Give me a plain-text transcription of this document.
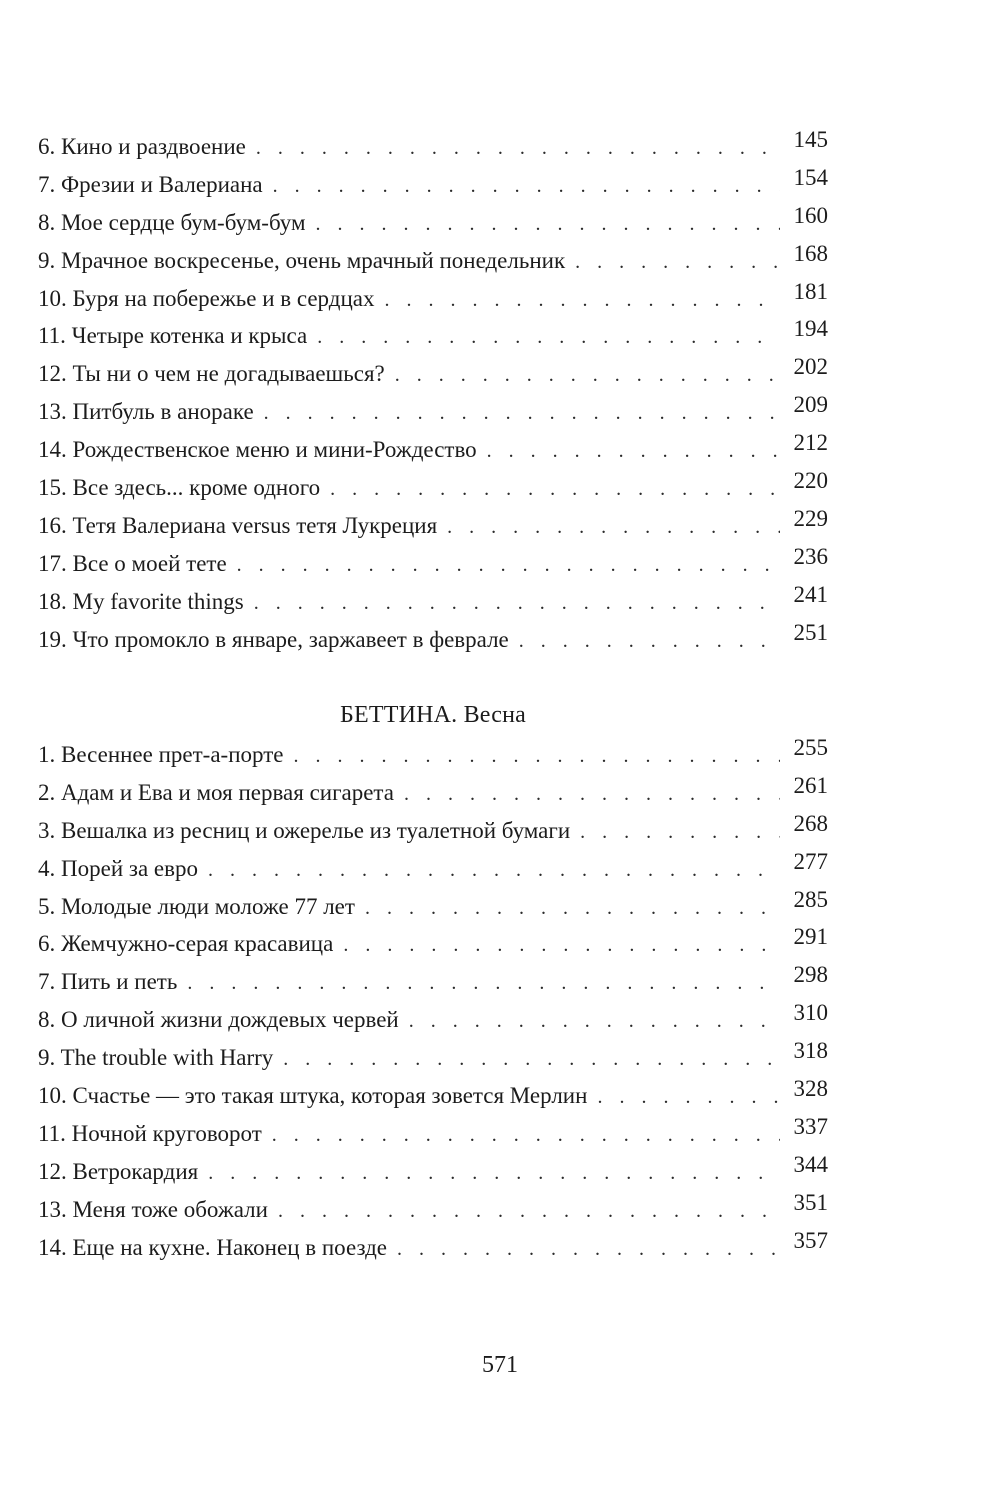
6. Кино и раздвоение . . .	145
7. Фрезии и Валериана . . .	154
8. Мое сердце бум-бум-бум . . .	160
9. Мрачное воскресенье, очень мрачный понедельник . . .	168
10. Буря на побережье и в сердцах . . .	181
11. Четыре котенка и крыса . . .	194
12. Ты ни о чем не догадываешься? . . .	202
13. Питбуль в анораке . . .	209
14. Рождественское меню и мини-Рождество . . .	212
15. Все здесь... кроме одного . . .	220
16. Тетя Валериана versus тетя Лукреция . . .	229
17. Все о моей тете . . .	236
18. My favorite things . . .	241
19. Что промокло в январе, заржавеет в феврале . . .	251
БЕТТИНА. Весна
1. Весеннее прет-а-порте . . .	255
2. Адам и Ева и моя первая сигарета . . .	261
3. Вешалка из ресниц и ожерелье из туалетной бумаги . . .	268
4. Порей за евро . . .	277
5. Молодые люди моложе 77 лет . . .	285
6. Жемчужно-серая красавица . . .	291
7. Пить и петь . . .	298
8. О личной жизни дождевых червей . . .	310
9. The trouble with Harry . . .	318
10. Счастье — это такая штука, которая зовется Мерлин . . .	328
11. Ночной круговорот . . .	337
12. Ветрокардия . . .	344
13. Меня тоже обожали . . .	351
14. Еще на кухне. Наконец в поезде . . .	357
571
